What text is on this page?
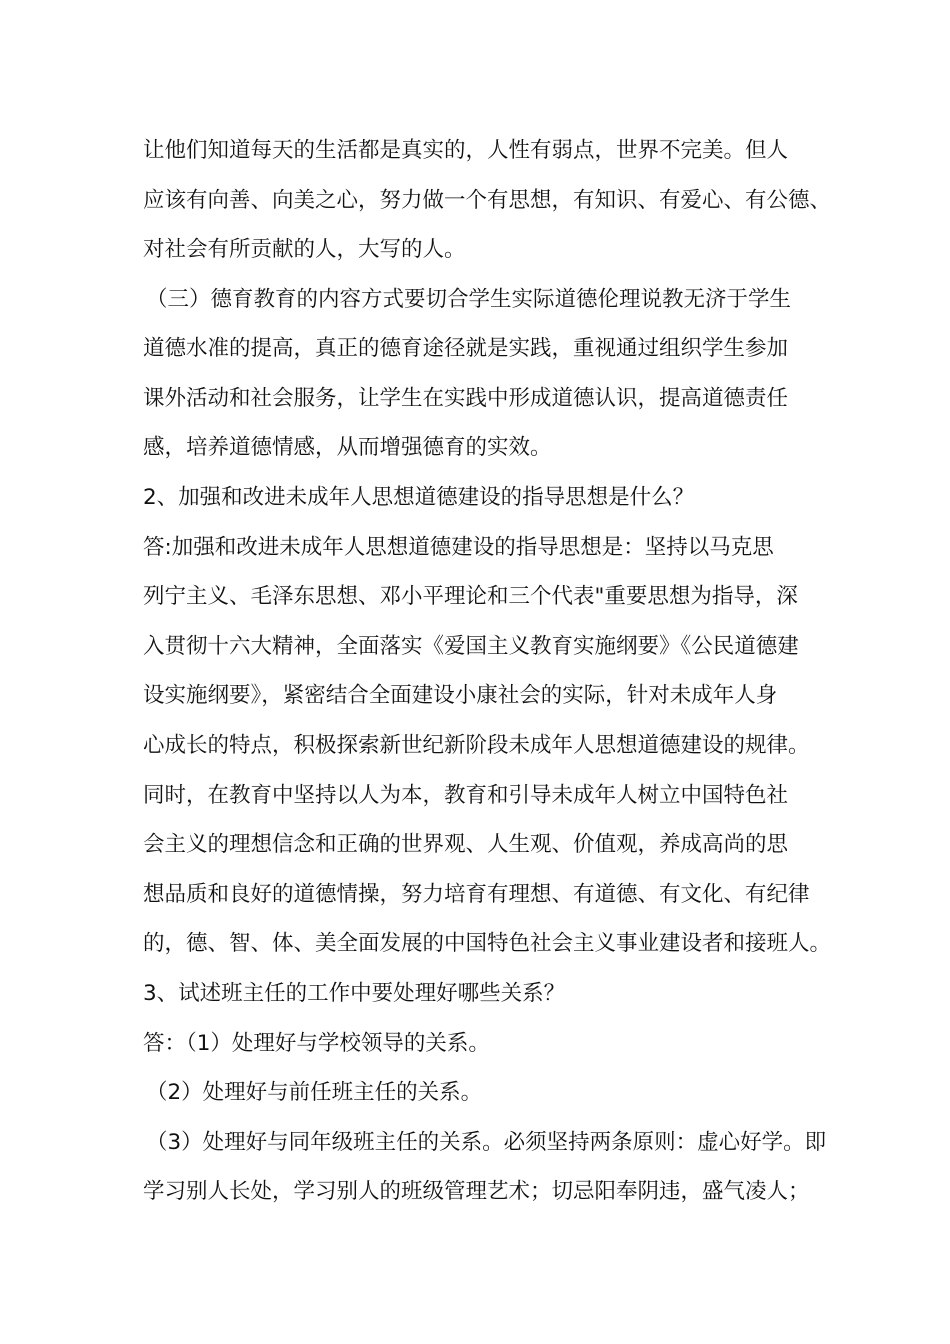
让他们知道每天的生活都是真实的，人性有弱点，世界不完美。但人
应该有向善、向美之心，努力做一个有思想，有知识、有爱心、有公德、
对社会有所贡献的人，大写的人。
（三）德育教育的内容方式要切合学生实际道德伦理说教无济于学生
道德水准的提高，真正的德育途径就是实践，重视通过组织学生参加
课外活动和社会服务，让学生在实践中形成道德认识，提高道德责任
感，培养道德情感，从而增强德育的实效。
2、加强和改进未成年人思想道德建设的指导思想是什么？
答:加强和改进未成年人思想道德建设的指导思想是：坚持以马克思
列宁主义、毛泽东思想、邓小平理论和三个代表"重要思想为指导，深
入贯彻十六大精神，全面落实《爱国主义教育实施纲要》《公民道德建
设实施纲要》，紧密结合全面建设小康社会的实际，针对未成年人身
心成长的特点，积极探索新世纪新阶段未成年人思想道德建设的规律。
同时，在教育中坚持以人为本，教育和引导未成年人树立中国特色社
会主义的理想信念和正确的世界观、人生观、价值观，养成高尚的思
想品质和良好的道德情操，努力培育有理想、有道德、有文化、有纪律
的，德、智、体、美全面发展的中国特色社会主义事业建设者和接班人。
3、试述班主任的工作中要处理好哪些关系？
答：（1）处理好与学校领导的关系。
（2）处理好与前任班主任的关系。
（3）处理好与同年级班主任的关系。必须坚持两条原则：虚心好学。即
学习别人长处，学习别人的班级管理艺术；切忌阳奉阴违，盛气凌人；
